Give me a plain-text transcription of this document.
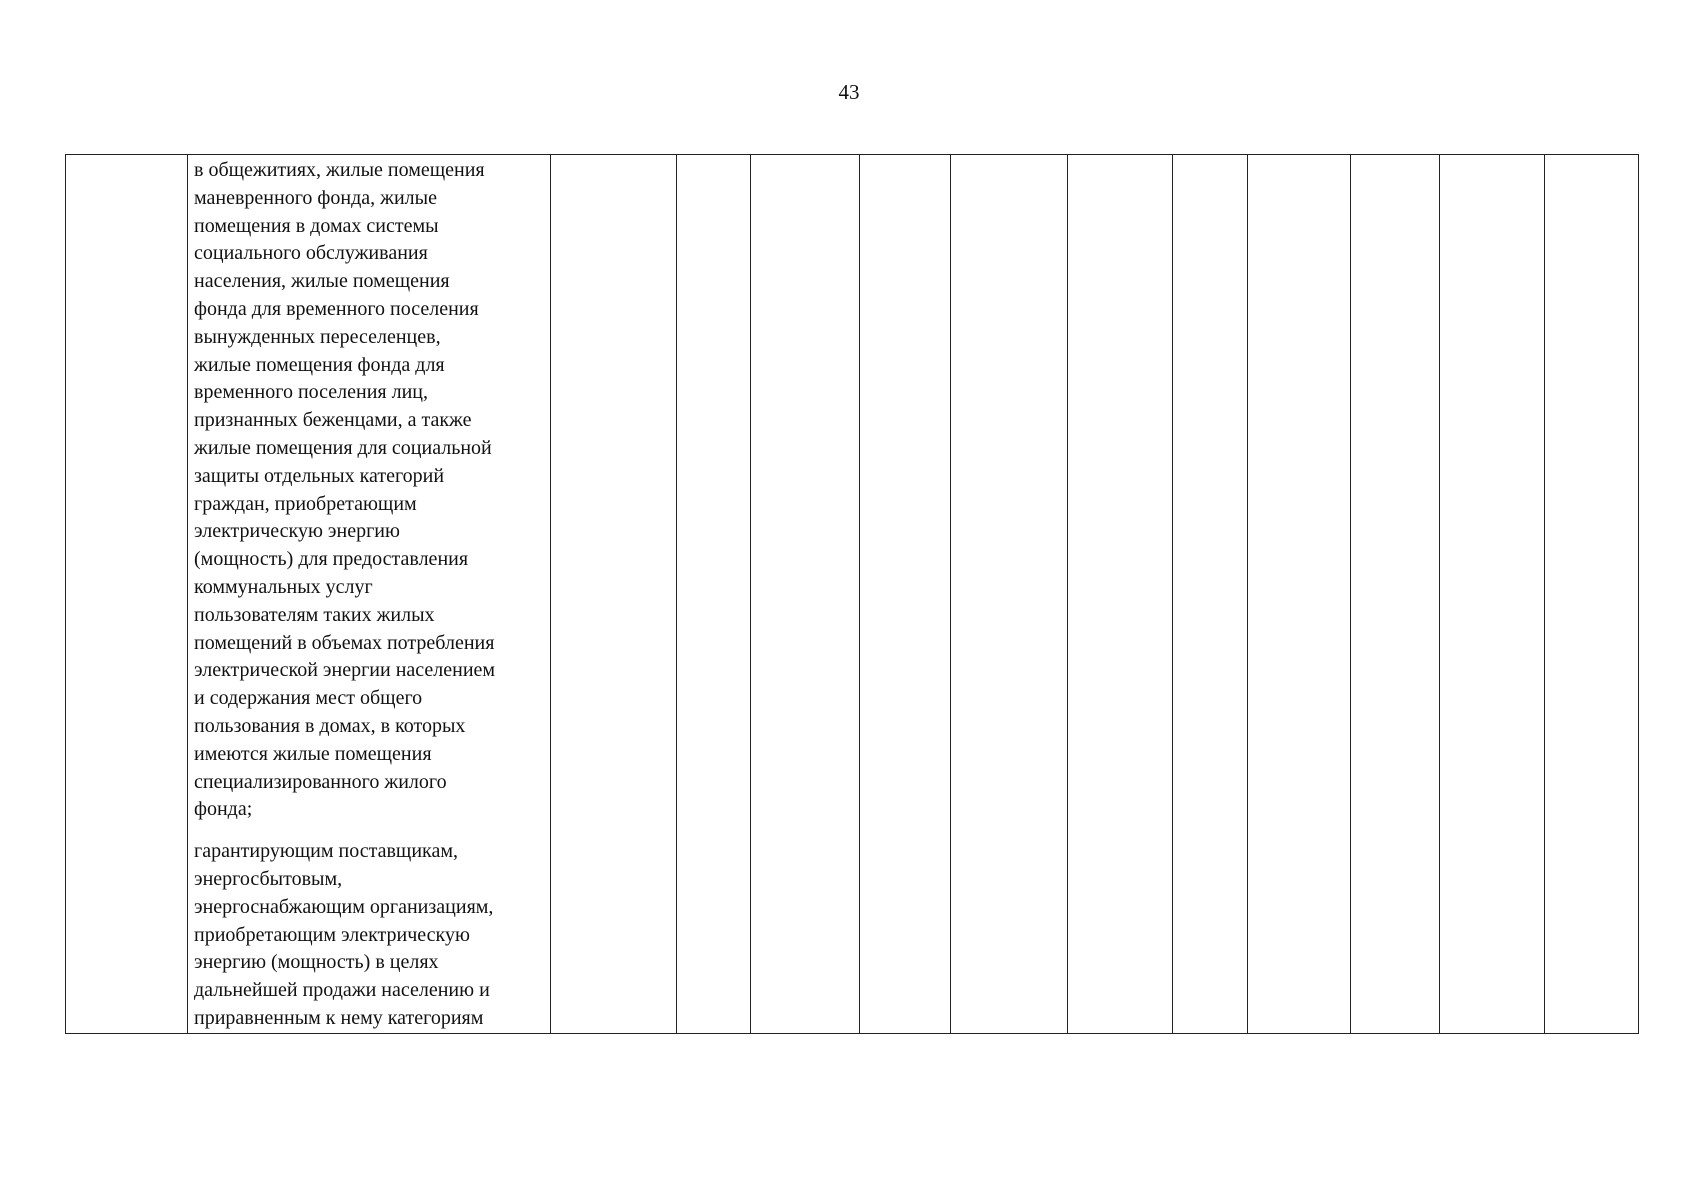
43

в общежитиях, жилые помещения
маневренного фонда, жилые
помещения в домах системы
социального обслуживания
населения, жилые помещения
фонда для временного поселения
вынужденных переселенцев,
жилые помещения фонда для
временного поселения лиц,
признанных беженцами, а также
жилые помещения для социальной
защиты отдельных категорий
граждан, приобретающим
электрическую энергию
(мощность) для предоставления
коммунальных услуг
пользователям таких жилых
помещений в объемах потребления
электрической энергии населением
и содержания мест общего
пользования в домах, в которых
имеются жилые помещения
специализированного жилого
фонда;

гарантирующим поставщикам,
энергосбытовым,
энергоснабжающим организациям,
приобретающим электрическую
энергию (мощность) в целях
дальнейшей продажи населению и
приравненным к нему категориям
